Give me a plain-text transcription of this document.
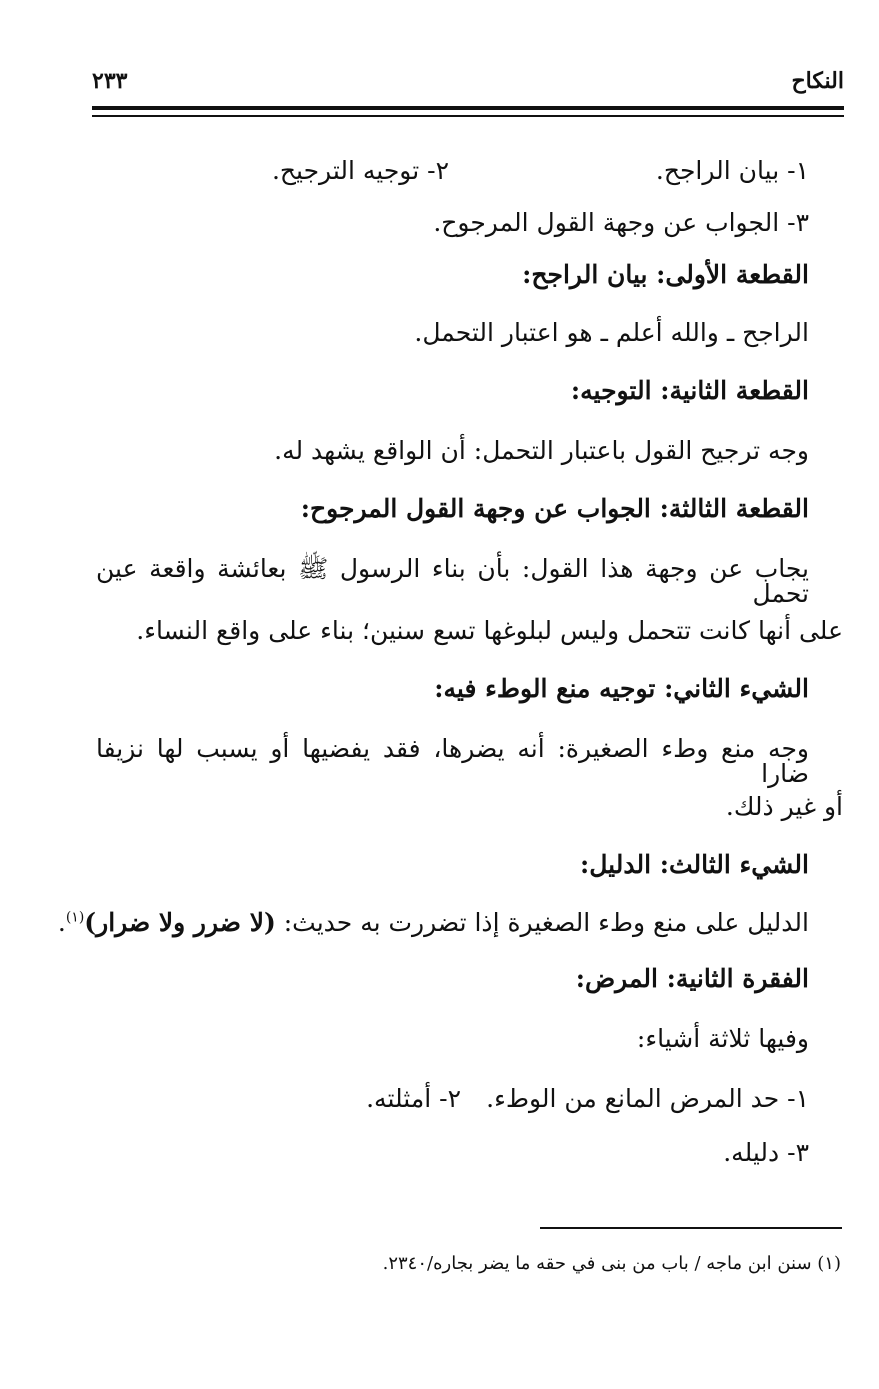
النكاح
٢٣٣
١- بيان الراجح.
٢- توجيه الترجيح.
٣- الجواب عن وجهة القول المرجوح.
القطعة الأولى: بيان الراجح:
الراجح ـ والله أعلم ـ هو اعتبار التحمل.
القطعة الثانية: التوجيه:
وجه ترجيح القول باعتبار التحمل: أن الواقع يشهد له.
القطعة الثالثة: الجواب عن وجهة القول المرجوح:
يجاب عن وجهة هذا القول: بأن بناء الرسول ﷺ بعائشة واقعة عين تحمل
على أنها كانت تتحمل وليس لبلوغها تسع سنين؛ بناء على واقع النساء.
الشيء الثاني: توجيه منع الوطء فيه:
وجه منع وطء الصغيرة: أنه يضرها، فقد يفضيها أو يسبب لها نزيفا ضارا
أو غير ذلك.
الشيء الثالث: الدليل:
الدليل على منع وطء الصغيرة إذا تضررت به حديث: (لا ضرر ولا ضرار)$^{(١)}$.
الفقرة الثانية: المرض:
وفيها ثلاثة أشياء:
١- حد المرض المانع من الوطء.
٢- أمثلته.
٣- دليله.
(١) سنن ابن ماجه / باب من بنى في حقه ما يضر بجاره/٢٣٤٠.
